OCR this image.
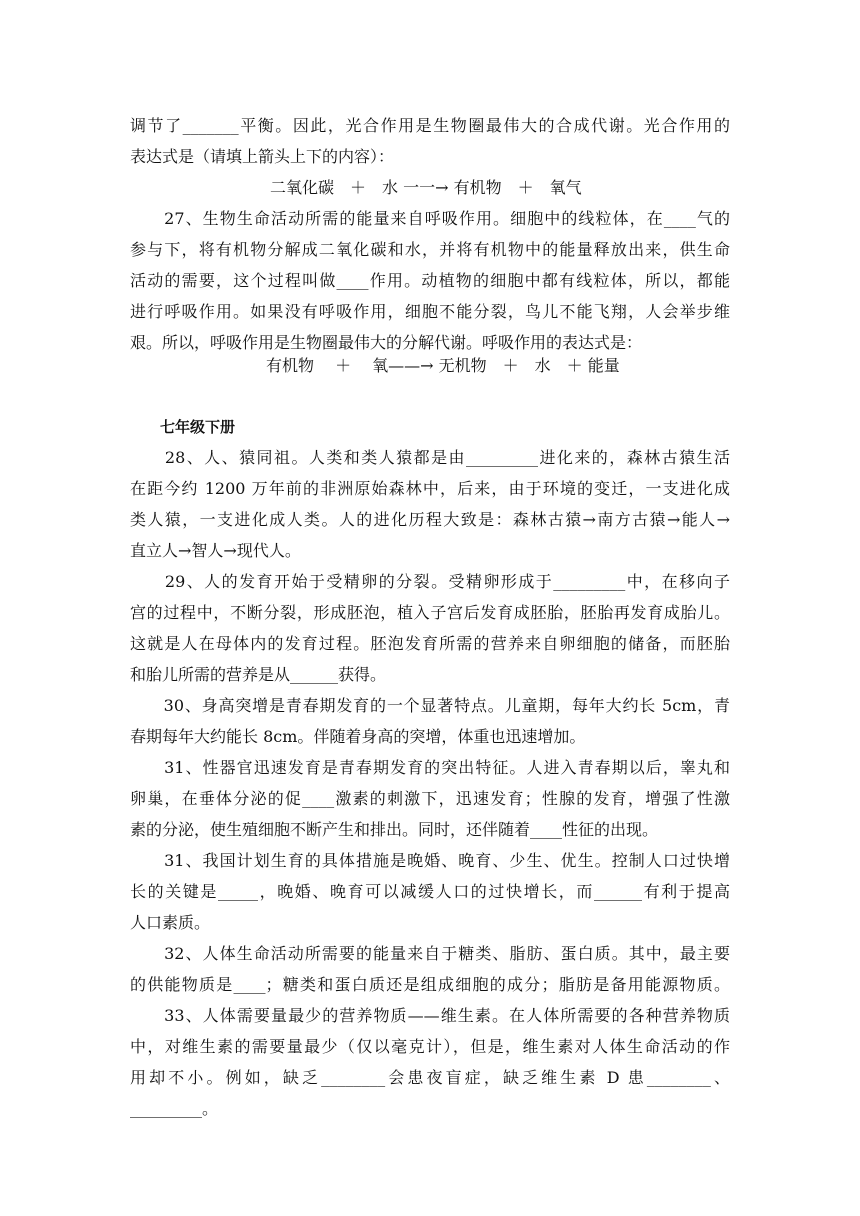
调节了_______平衡。因此，光合作用是生物圈最伟大的合成代谢。光合作用的
表达式是（请填上箭头上下的内容）：
二氧化碳　＋　水 一一→ 有机物　＋　氧气
　　27、生物生命活动所需的能量来自呼吸作用。细胞中的线粒体，在____气的
参与下，将有机物分解成二氧化碳和水，并将有机物中的能量释放出来，供生命
活动的需要，这个过程叫做____作用。动植物的细胞中都有线粒体，所以，都能
进行呼吸作用。如果没有呼吸作用，细胞不能分裂，鸟儿不能飞翔，人会举步维
艰。所以，呼吸作用是生物圈最伟大的分解代谢。呼吸作用的表达式是：
有机物　 ＋　 氧——→ 无机物　＋　水　＋ 能量
　　七年级下册
　　28、人、猿同祖。人类和类人猿都是由_________进化来的，森林古猿生活
在距今约 1200 万年前的非洲原始森林中，后来，由于环境的变迁，一支进化成
类人猿，一支进化成人类。人的进化历程大致是：森林古猿→南方古猿→能人→
直立人→智人→现代人。
　　29、人的发育开始于受精卵的分裂。受精卵形成于_________中，在移向子
宫的过程中，不断分裂，形成胚泡，植入子宫后发育成胚胎，胚胎再发育成胎儿。
这就是人在母体内的发育过程。胚泡发育所需的营养来自卵细胞的储备，而胚胎
和胎儿所需的营养是从______获得。
　　30、身高突增是青春期发育的一个显著特点。儿童期，每年大约长 5cm，青
春期每年大约能长 8cm。伴随着身高的突增，体重也迅速增加。
　　31、性器官迅速发育是青春期发育的突出特征。人进入青春期以后，睾丸和
卵巢，在垂体分泌的促____激素的刺激下，迅速发育；性腺的发育，增强了性激
素的分泌，使生殖细胞不断产生和排出。同时，还伴随着____性征的出现。
　　31、我国计划生育的具体措施是晚婚、晚育、少生、优生。控制人口过快增
长的关键是_____，晚婚、晚育可以减缓人口的过快增长，而______有利于提高
人口素质。
　　32、人体生命活动所需要的能量来自于糖类、脂肪、蛋白质。其中，最主要
的供能物质是____；糖类和蛋白质还是组成细胞的成分；脂肪是备用能源物质。
　　33、人体需要量最少的营养物质——维生素。在人体所需要的各种营养物质
中，对维生素的需要量最少（仅以毫克计），但是，维生素对人体生命活动的作
用却不小。例如，缺乏________会患夜盲症，缺乏维生素 D 患________、
_________。
